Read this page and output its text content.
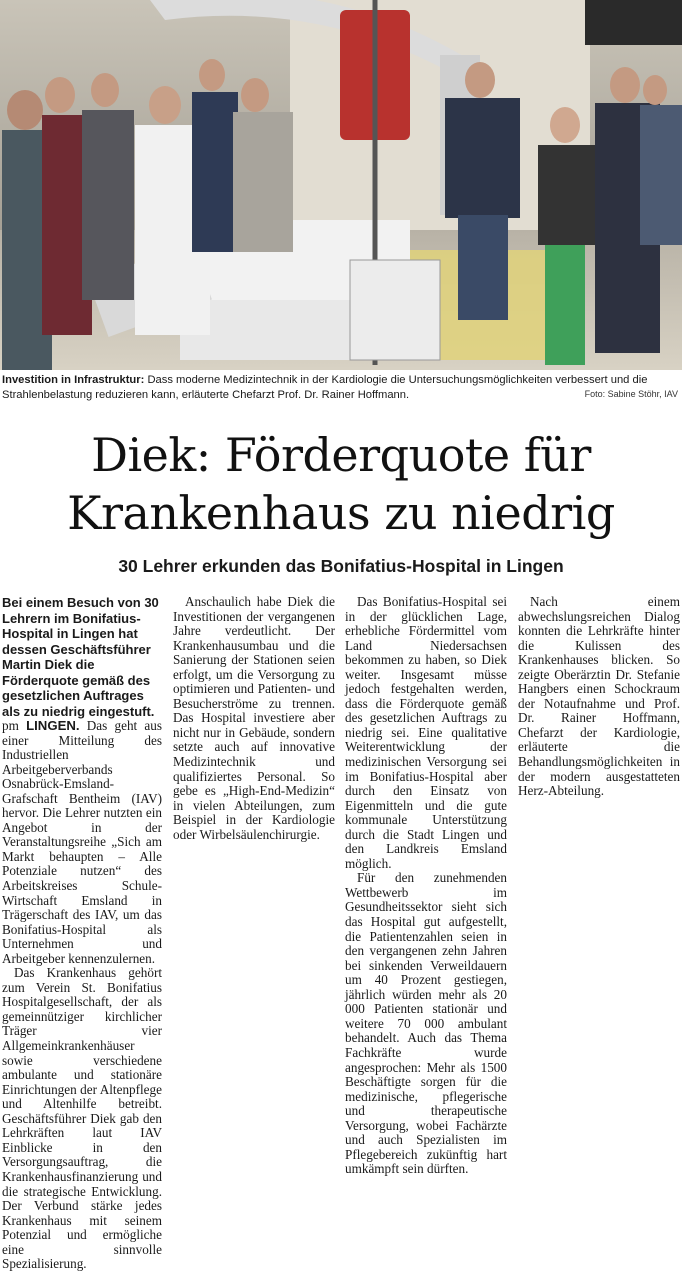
Investition in Infrastruktur: Dass moderne Medizintechnik in der Kardiologie die Untersuchungsmöglichkeiten verbessert und die Strahlenbelastung reduzieren kann, erläuterte Chefarzt Prof. Dr. Rainer Hoffmann.	Foto: Sabine Stöhr, IAV
Diek: Förderquote für
Krankenhaus zu niedrig
30 Lehrer erkunden das Bonifatius-Hospital in Lingen

Bei einem Besuch von 30 Lehrern im Bonifatius-Hospital in Lingen hat dessen Geschäftsführer Martin Diek die Förderquote gemäß des gesetzlichen Auftrages als zu niedrig eingestuft.

pm LINGEN. Das geht aus einer Mitteilung des Industriellen Arbeitgeberverbands Osnabrück-Emsland-Grafschaft Bentheim (IAV) hervor. Die Lehrer nutzten ein Angebot in der Veranstaltungsreihe „Sich am Markt behaupten – Alle Potenziale nutzen“ des Arbeitskreises Schule-Wirtschaft Emsland in Trägerschaft des IAV, um das Bonifatius-Hospital als Unternehmen und Arbeitgeber kennenzulernen.

Das Krankenhaus gehört zum Verein St. Bonifatius Hospitalgesellschaft, der als gemeinnütziger kirchlicher Träger vier Allgemeinkrankenhäuser sowie verschiedene ambulante und stationäre Einrichtungen der Altenpflege und Altenhilfe betreibt. Geschäftsführer Diek gab den Lehrkräften laut IAV Einblicke in den Versorgungsauftrag, die Krankenhausfinanzierung und die strategische Entwicklung. Der Verbund stärke jedes Krankenhaus mit seinem Potenzial und ermögliche eine sinnvolle Spezialisierung.

Anschaulich habe Diek die Investitionen der vergangenen Jahre verdeutlicht. Der Krankenhausumbau und die Sanierung der Stationen seien erfolgt, um die Versorgung zu optimieren und Patienten- und Besucherströme zu trennen. Das Hospital investiere aber nicht nur in Gebäude, sondern setzte auch auf innovative Medizintechnik und qualifiziertes Personal. So gebe es „High-End-Medizin“ in vielen Abteilungen, zum Beispiel in der Kardiologie oder Wirbelsäulenchirurgie.

Das Bonifatius-Hospital sei in der glücklichen Lage, erhebliche Fördermittel vom Land Niedersachsen bekommen zu haben, so Diek weiter. Insgesamt müsse jedoch festgehalten werden, dass die Förderquote gemäß des gesetzlichen Auftrags zu niedrig sei. Eine qualitative Weiterentwicklung der medizinischen Versorgung sei im Bonifatius-Hospital aber durch den Einsatz von Eigenmitteln und die gute kommunale Unterstützung durch die Stadt Lingen und den Landkreis Emsland möglich.

Für den zunehmenden Wettbewerb im Gesundheitssektor sieht sich das Hospital gut aufgestellt, die Patientenzahlen seien in den vergangenen zehn Jahren bei sinkenden Verweildauern um 40 Prozent gestiegen, jährlich würden mehr als 20 000 Patienten stationär und weitere 70 000 ambulant behandelt. Auch das Thema Fachkräfte wurde angesprochen: Mehr als 1500 Beschäftigte sorgen für die medizinische, pflegerische und therapeutische Versorgung, wobei Fachärzte und auch Spezialisten im Pflegebereich zukünftig hart umkämpft sein dürften.

Nach einem abwechslungsreichen Dialog konnten die Lehrkräfte hinter die Kulissen des Krankenhauses blicken. So zeigte Oberärztin Dr. Stefanie Hangbers einen Schockraum der Notaufnahme und Prof. Dr. Rainer Hoffmann, Chefarzt der Kardiologie, erläuterte die Behandlungsmöglichkeiten in der modern ausgestatteten Herz-Abteilung.
